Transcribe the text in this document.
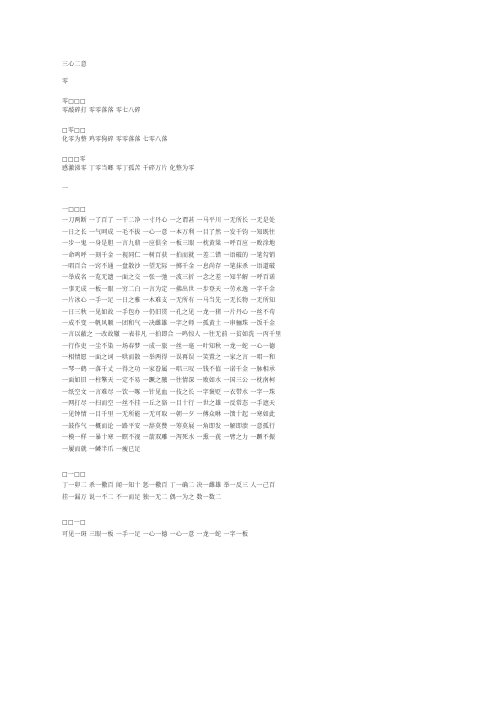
三心二意
零
零□□□
零敲碎打 零零落落 零七八碎
□零□□
化零为整 鸡零狗碎 零零落落 七零八落
□□□零
感激涕零 丁零当啷 零丁孤苦 千碎万片 化整为零
一
一□□□
一刀两断 一了百了 一干二净 一寸丹心 一之谓甚 一马平川 一无所长 一无是处
一日之长 一气呵成 一毛不拔 一心一意 一本万利 一目了然 一发千钧 一知既往
一步一鬼 一身是胆 一言九鼎 一应俱全 一板三眼 一枕黄粱 一呼百应 一败涂地
一命鸣呼 一刻千金 一视同仁 一树百获 一拍而就 一差二错 一语破的 一笔勾销
一唱百合 一窍不通 一盘散沙 一望无际 一掷千金 一息尚存 一笔抹杀 一语道破
一举成名 一览无遗 一面之交 一张一弛 一波三折 一念之差 一知半解 一呼百诺
一事无成 一板一眼 一穷二白 一言为定 一佛出世 一步登天 一劳永逸 一字千金
一片冰心 一手一足 一日之雅 一木难支 一无所有 一马当先 一无长物 一无所知
一日三秋 一见如故 一手包办 一仍旧贯 一孔之见 一龙一猪 一片丹心 一丝不苟
一成不变 一帆风顺 一团和气 一决雌雄 一字之师 一孤黄土 一串骊珠 一饭千金
一言以蔽之 一改故辙 一表非凡 一拍即合 一鸣惊人 一往无前 一贫如洗 一丙千里
一行作吏 一尘不染 一场春梦 一成一旅 一丝一毫 一叶知秋 一龙一蛇 一心一德
一相情愿 一面之词 一哄而散 一举两得 一误再误 一笑置之 一家之言 一唱一和
一琴一鹤 一落千丈 一得之功 一家眷属 一唱三叹 一钱不值 一诺千金 一脉相承
一面如旧 一柱擎天 一定不易 一蹶之腋 一往情深 一败如水 一国三公 一枕南柯
一纸空文 一言难尽 一饮一啄 一针见血 一技之长 一字褒贬 一衣带水 一字一珠
一网打尽 一扫而空 一丝不挂 一丘之貉 一目十行 一世之雄 一反常态 一手遮天
一见钟情 一目千里 一无所能 一无可取 一朝一夕 一傅众咻 一馈十起 一寒如此
一鼓作气 一概而论 一路平安 一辞莫赞 一筹莫展 一角即发 一解即溃 一意孤行
一模一样 一暴十寒 一瞑不视 一箭双雕 一泻死水 一熏一莸 一臂之力 一蹶不振
一履而就 一鳞半爪 一瘦已足
□一□□
丁一卯二 杀一儆百 闻一知十 惩一儆百 丁一确二 决一雌雄 举一反三 人一己百
挂一漏万 说一不二 不一而足 独一无二 偶一为之 数一数二
□□一□
可见一斑 三眼一板 一手一足 一心一德 一心一意 一龙一蛇 一字一板
